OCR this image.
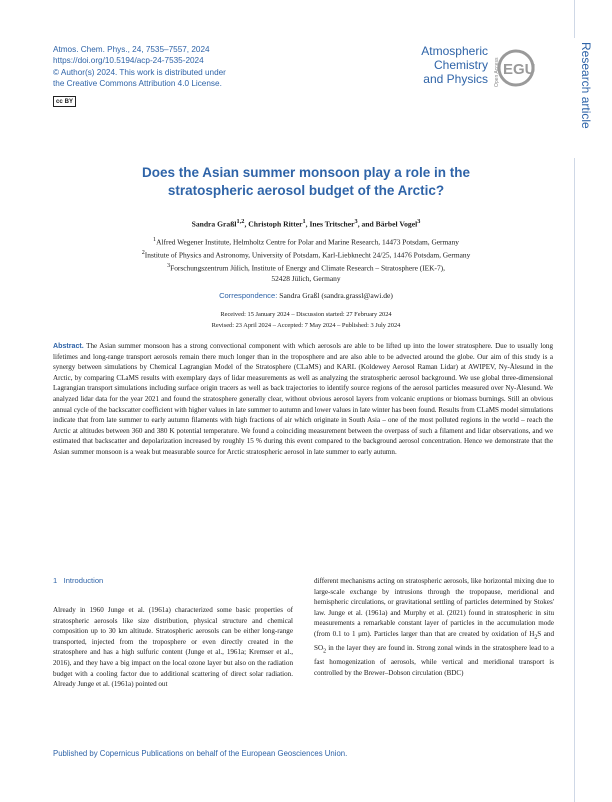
Atmos. Chem. Phys., 24, 7535–7557, 2024
https://doi.org/10.5194/acp-24-7535-2024
© Author(s) 2024. This work is distributed under
the Creative Commons Attribution 4.0 License.
cc BY
Atmospheric
Chemistry
and Physics Open Access EGU	Research article
Does the Asian summer monsoon play a role in the
stratospheric aerosol budget of the Arctic?
Sandra Graßl$^{1,2}$, Christoph Ritter$^1$, Ines Tritscher$^3$, and Bärbel Vogel$^3$
$^1$Alfred Wegener Institute, Helmholtz Centre for Polar and Marine Research, 14473 Potsdam, Germany
$^2$Institute of Physics and Astronomy, University of Potsdam, Karl-Liebknecht 24/25, 14476 Potsdam, Germany
$^3$Forschungszentrum Jülich, Institute of Energy and Climate Research – Stratosphere (IEK-7),
52428 Jülich, Germany
Correspondence: Sandra Graßl (sandra.grassl@awi.de)
Received: 15 January 2024 – Discussion started: 27 February 2024
Revised: 23 April 2024 – Accepted: 7 May 2024 – Published: 3 July 2024
Abstract. The Asian summer monsoon has a strong convectional component with which aerosols are able to be lifted up into the lower stratosphere. Due to usually long lifetimes and long-range transport aerosols remain there much longer than in the troposphere and are also able to be advected around the globe. Our aim of this study is a synergy between simulations by Chemical Lagrangian Model of the Stratosphere (CLaMS) and KARL (Koldewey Aerosol Raman Lidar) at AWIPEV, Ny-Ålesund in the Arctic, by comparing CLaMS results with exemplary days of lidar measurements as well as analyzing the stratospheric aerosol background. We use global three-dimensional Lagrangian transport simulations including surface origin tracers as well as back trajectories to identify source regions of the aerosol particles measured over Ny-Ålesund. We analyzed lidar data for the year 2021 and found the stratosphere generally clear, without obvious aerosol layers from volcanic eruptions or biomass burnings. Still an obvious annual cycle of the backscatter coefficient with higher values in late summer to autumn and lower values in late winter has been found. Results from CLaMS model simulations indicate that from late summer to early autumn filaments with high fractions of air which originate in South Asia – one of the most polluted regions in the world – reach the Arctic at altitudes between 360 and 380 K potential temperature. We found a coinciding measurement between the overpass of such a filament and lidar observations, and we estimated that backscatter and depolarization increased by roughly 15 % during this event compared to the background aerosol concentration. Hence we demonstrate that the Asian summer monsoon is a weak but measurable source for Arctic stratospheric aerosol in late summer to early autumn.
1 Introduction
Already in 1960 Junge et al. (1961a) characterized some basic properties of stratospheric aerosols like size distribution, physical structure and chemical composition up to 30 km altitude. Stratospheric aerosols can be either long-range transported, injected from the troposphere or even directly created in the stratosphere and has a high sulfuric content (Junge et al., 1961a; Kremser et al., 2016), and they have a big impact on the local ozone layer but also on the radiation budget with a cooling factor due to additional scattering of direct solar radiation. Already Junge et al. (1961a) pointed out
different mechanisms acting on stratospheric aerosols, like horizontal mixing due to large-scale exchange by intrusions through the tropopause, meridional and hemispheric circulations, or gravitational settling of particles determined by Stokes' law. Junge et al. (1961a) and Murphy et al. (2021) found in stratospheric in situ measurements a remarkable constant layer of particles in the accumulation mode (from 0.1 to 1 μm). Particles larger than that are created by oxidation of $H_2S$ and $SO_2$ in the layer they are found in. Strong zonal winds in the stratosphere lead to a fast homogenization of aerosols, while vertical and meridional transport is controlled by the Brewer–Dobson circulation (BDC)
Published by Copernicus Publications on behalf of the European Geosciences Union.
